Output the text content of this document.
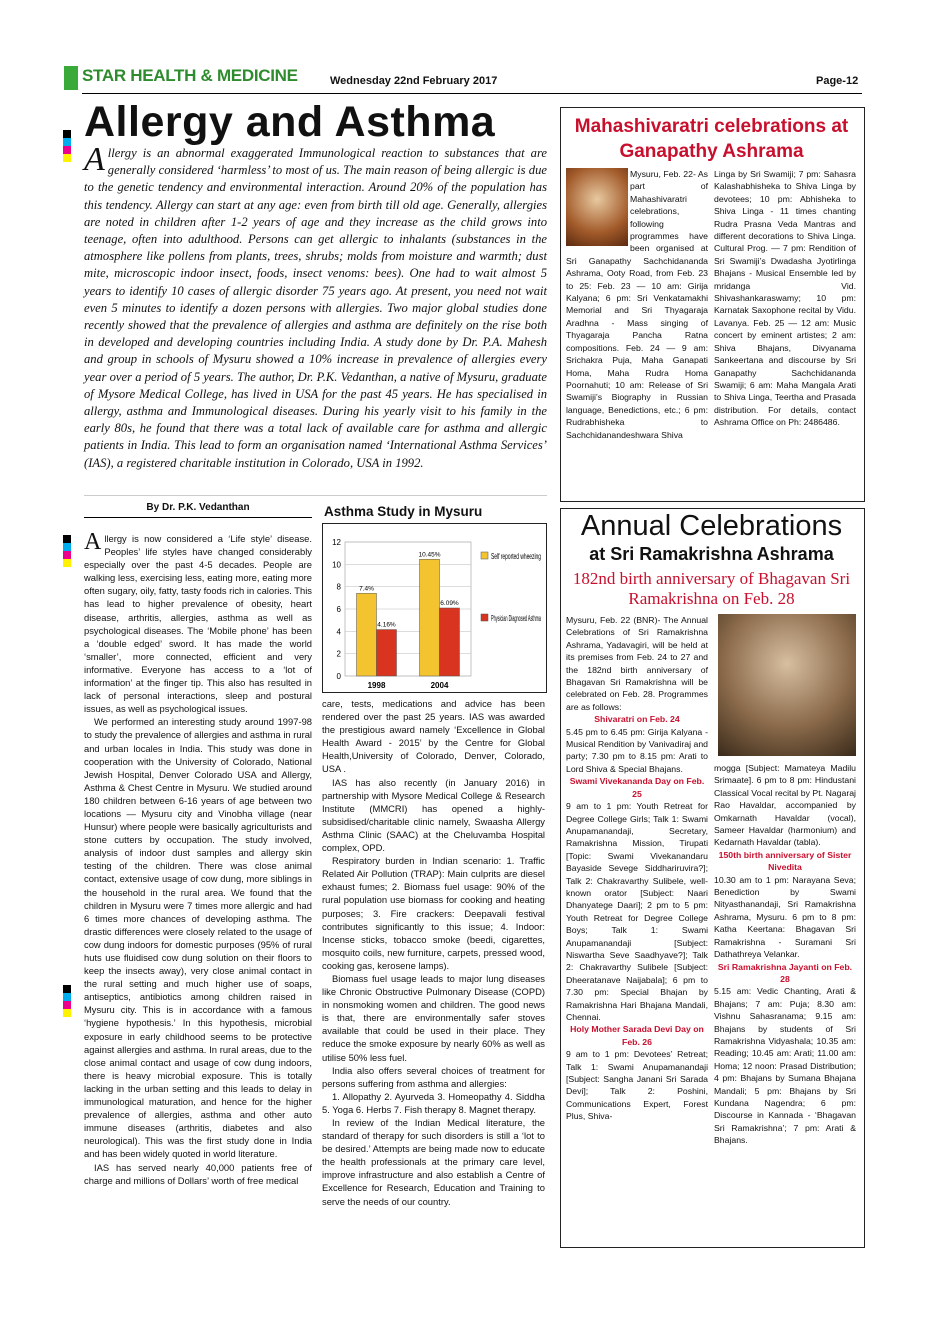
STAR HEALTH & MEDICINE	Wednesday 22nd February 2017	Page-12
Allergy and Asthma
Allergy is an abnormal exaggerated Immunological reaction to substances that are generally considered ‘harmless’ to most of us. The main reason of being allergic is due to the genetic tendency and environmental interaction. Around 20% of the population has this tendency. Allergy can start at any age: even from birth till old age. Generally, allergies are noted in children after 1-2 years of age and they increase as the child grows into teenage, often into adulthood. Persons can get allergic to inhalants (substances in the atmosphere like pollens from plants, trees, shrubs; molds from moisture and warmth; dust mite, microscopic indoor insect, foods, insect venoms: bees). One had to wait almost 5 years to identify 10 cases of allergic disorder 75 years ago. At present, you need not wait even 5 minutes to identify a dozen persons with allergies. Two major global studies done recently showed that the prevalence of allergies and asthma are definitely on the rise both in developed and developing countries including India. A study done by Dr. P.A. Mahesh and group in schools of Mysuru showed a 10% increase in prevalence of allergies every year over a period of 5 years. The author, Dr. P.K. Vedanthan, a native of Mysuru, graduate of Mysore Medical College, has lived in USA for the past 45 years. He has specialised in allergy, asthma and Immunological diseases. During his yearly visit to his family in the early 80s, he found that there was a total lack of available care for asthma and allergic patients in India. This lead to form an organisation named ‘International Asthma Services’ (IAS), a registered charitable institution in Colorado, USA in 1992.
By Dr. P.K. Vedanthan

Allergy is now considered a ‘Life style’ disease. Peoples’ life styles have changed considerably especially over the past 4-5 decades. People are walking less, exercising less, eating more, eating more often sugary, oily, fatty, tasty foods rich in calories. This has lead to higher prevalence of obesity, heart disease, arthritis, allergies, asthma as well as psychological diseases. The ‘Mobile phone’ has been a ‘double edged’ sword. It has made the world ‘smaller’, more connected, efficient and very informative. Everyone has access to a ‘lot of information’ at the finger tip. This also has resulted in lack of personal interactions, sleep and postural issues, as well as psychological issues.

We performed an interesting study around 1997-98 to study the prevalence of allergies and asthma in rural and urban locales in India. This study was done in cooperation with the University of Colorado, National Jewish Hospital, Denver Colorado USA and Allergy, Asthma & Chest Centre in Mysuru. We studied around 180 children between 6-16 years of age between two locations — Mysuru city and Vinobha village (near Hunsur) where people were basically agriculturists and stone cutters by occupation. The study involved, analysis of indoor dust samples and allergy skin testing of the children. There was close animal contact, extensive usage of cow dung, more siblings in the household in the rural area. We found that the children in Mysuru were 7 times more allergic and had 6 times more chances of developing asthma. The drastic differences were closely related to the usage of cow dung indoors for domestic purposes (95% of rural huts use fluidised cow dung solution on their floors to keep the insects away), very close animal contact in the rural setting and much higher use of soaps, antiseptics, antibiotics among children raised in Mysuru city. This is in accordance with a famous ‘hygiene hypothesis.’ In this hypothesis, microbial exposure in early childhood seems to be protective against allergies and asthma. In rural areas, due to the close animal contact and usage of cow dung indoors, there is heavy microbial exposure. This is totally lacking in the urban setting and this leads to delay in immunological maturation, and hence for the higher prevalence of allergies, asthma and other auto immune diseases (arthritis, diabetes and also neurological). This was the first study done in India and has been widely quoted in world literature.

IAS has served nearly 40,000 patients free of charge and millions of Dollars’ worth of free medical

Asthma Study in Mysuru
0
2
4
6
8
10
12
7.4%
4.16%
1998
10.45%
6.09%
2004
Self reported wheezing
Physician Diagnosed Asthma

care, tests, medications and advice has been rendered over the past 25 years. IAS was awarded the prestigious award namely ‘Excellence in Global Health Award - 2015’ by the Centre for Global Health,University of Colorado, Denver, Colorado, USA .

IAS has also recently (in January 2016) in partnership with Mysore Medical College & Research Institute (MMCRI) has opened a highly-subsidised/charitable clinic namely, Swaasha Allergy Asthma Clinic (SAAC) at the Cheluvamba Hospital complex, OPD.

Respiratory burden in Indian scenario: 1. Traffic Related Air Pollution (TRAP): Main culprits are diesel exhaust fumes; 2. Biomass fuel usage: 90% of the rural population use biomass for cooking and heating purposes; 3. Fire crackers: Deepavali festival contributes significantly to this issue; 4. Indoor: Incense sticks, tobacco smoke (beedi, cigarettes, mosquito coils, new furniture, carpets, pressed wood, cooking gas, kerosene lamps).

Biomass fuel usage leads to major lung diseases like Chronic Obstructive Pulmonary Disease (COPD) in nonsmoking women and children. The good news is that, there are environmentally safer stoves available that could be used in their place. They reduce the smoke exposure by nearly 60% as well as utilise 50% less fuel.

India also offers several choices of treatment for persons suffering from asthma and allergies:

1. Allopathy 2. Ayurveda 3. Homeopathy 4. Siddha 5. Yoga 6. Herbs 7. Fish therapy 8. Magnet therapy.

In review of the Indian Medical literature, the standard of therapy for such disorders is still a ‘lot to be desired.’ Attempts are being made now to educate the health professionals at the primary care level, improve infrastructure and also establish a Centre of Excellence for Research, Education and Training to serve the needs of our country.

Mahashivaratri celebrations at Ganapathy Ashrama
Mysuru, Feb. 22- As part of Mahashivaratri celebrations, following programmes have been organised at Sri Ganapathy Sachchidananda Ashrama, Ooty Road, from Feb. 23 to 25: Feb. 23 — 10 am: Girija Kalyana; 6 pm: Sri Venkatamakhi Memorial and Sri Thyagaraja Aradhna - Mass singing of Thyagaraja Pancha Ratna compositions. Feb. 24 — 9 am: Srichakra Puja, Maha Ganapati Homa, Maha Rudra Homa Poornahuti; 10 am: Release of Sri Swamiji’s Biography in Russian language, Benedictions, etc.; 6 pm: Rudrabhisheka to Sachchidanandeshwara Shiva
Linga by Sri Swamiji; 7 pm: Sahasra Kalashabhisheka to Shiva Linga by devotees; 10 pm: Abhisheka to Shiva Linga - 11 times chanting Rudra Prasna Veda Mantras and different decorations to Shiva Linga. Cultural Prog. — 7 pm: Rendition of Sri Swamiji’s Dwadasha Jyotirlinga Bhajans - Musical Ensemble led by mridanga Vid. Shivashankaraswamy; 10 pm: Karnatak Saxophone recital by Vidu. Lavanya. Feb. 25 — 12 am: Music concert by eminent artistes; 2 am: Shiva Bhajans, Divyanama Sankeertana and discourse by Sri Ganapathy Sachchidananda Swamiji; 6 am: Maha Mangala Arati to Shiva Linga, Teertha and Prasada distribution. For details, contact Ashrama Office on Ph: 2486486.
Annual Celebrations
at Sri Ramakrishna Ashrama
182nd birth anniversary of Bhagavan Sri Ramakrishna on Feb. 28

Mysuru, Feb. 22 (BNR)- The Annual Celebrations of Sri Ramakrishna Ashrama, Yadavagiri, will be held at its premises from Feb. 24 to 27 and the 182nd birth anniversary of Bhagavan Sri Ramakrishna will be celebrated on Feb. 28. Programmes are as follows:

Shivaratri on Feb. 24

5.45 pm to 6.45 pm: Girija Kalyana - Musical Rendition by Vanivadiraj and party; 7.30 pm to 8.15 pm: Arati to Lord Shiva & Special Bhajans.

Swami Vivekananda Day on Feb. 25

9 am to 1 pm: Youth Retreat for Degree College Girls; Talk 1: Swami Anupamanandaji, Secretary, Ramakrishna Mission, Tirupati [Topic: Swami Vivekanandaru Bayaside Sevege Siddhariruvira?]; Talk 2: Chakravarthy Sulibele, well-known orator [Subject: Naari Dhanyatege Daari]; 2 pm to 5 pm: Youth Retreat for Degree College Boys; Talk 1: Swami Anupamanandaji [Subject: Niswartha Seve Saadhyave?]; Talk 2: Chakravarthy Sulibele [Subject: Dheeratanave Naijabala]; 6 pm to 7.30 pm: Special Bhajan by Ramakrishna Hari Bhajana Mandali, Chennai.

Holy Mother Sarada Devi Day on Feb. 26

9 am to 1 pm: Devotees’ Retreat; Talk 1: Swami Anupamanandaji [Subject: Sangha Janani Sri Sarada Devi]; Talk 2: Poshini, Communications Expert, Forest Plus, Shiva-

mogga [Subject: Mamateya Madilu Srimaate]. 6 pm to 8 pm: Hindustani Classical Vocal recital by Pt. Nagaraj Rao Havaldar, accompanied by Omkarnath Havaldar (vocal), Sameer Havaldar (harmonium) and Kedarnath Havaldar (tabla).

150th birth anniversary of Sister Nivedita

10.30 am to 1 pm: Narayana Seva; Benediction by Swami Nityasthanandaji, Sri Ramakrishna Ashrama, Mysuru. 6 pm to 8 pm: Katha Keertana: Bhagavan Sri Ramakrishna - Suramani Sri Dathathreya Velankar.

Sri Ramakrishna Jayanti on Feb. 28

5.15 am: Vedic Chanting, Arati & Bhajans; 7 am: Puja; 8.30 am: Vishnu Sahasranama; 9.15 am: Bhajans by students of Sri Ramakrishna Vidyashala; 10.35 am: Reading; 10.45 am: Arati; 11.00 am: Homa; 12 noon: Prasad Distribution; 4 pm: Bhajans by Sumana Bhajana Mandali; 5 pm: Bhajans by Sri Kundana Nagendra; 6 pm: Discourse in Kannada - ‘Bhagavan Sri Ramakrishna’; 7 pm: Arati & Bhajans.
